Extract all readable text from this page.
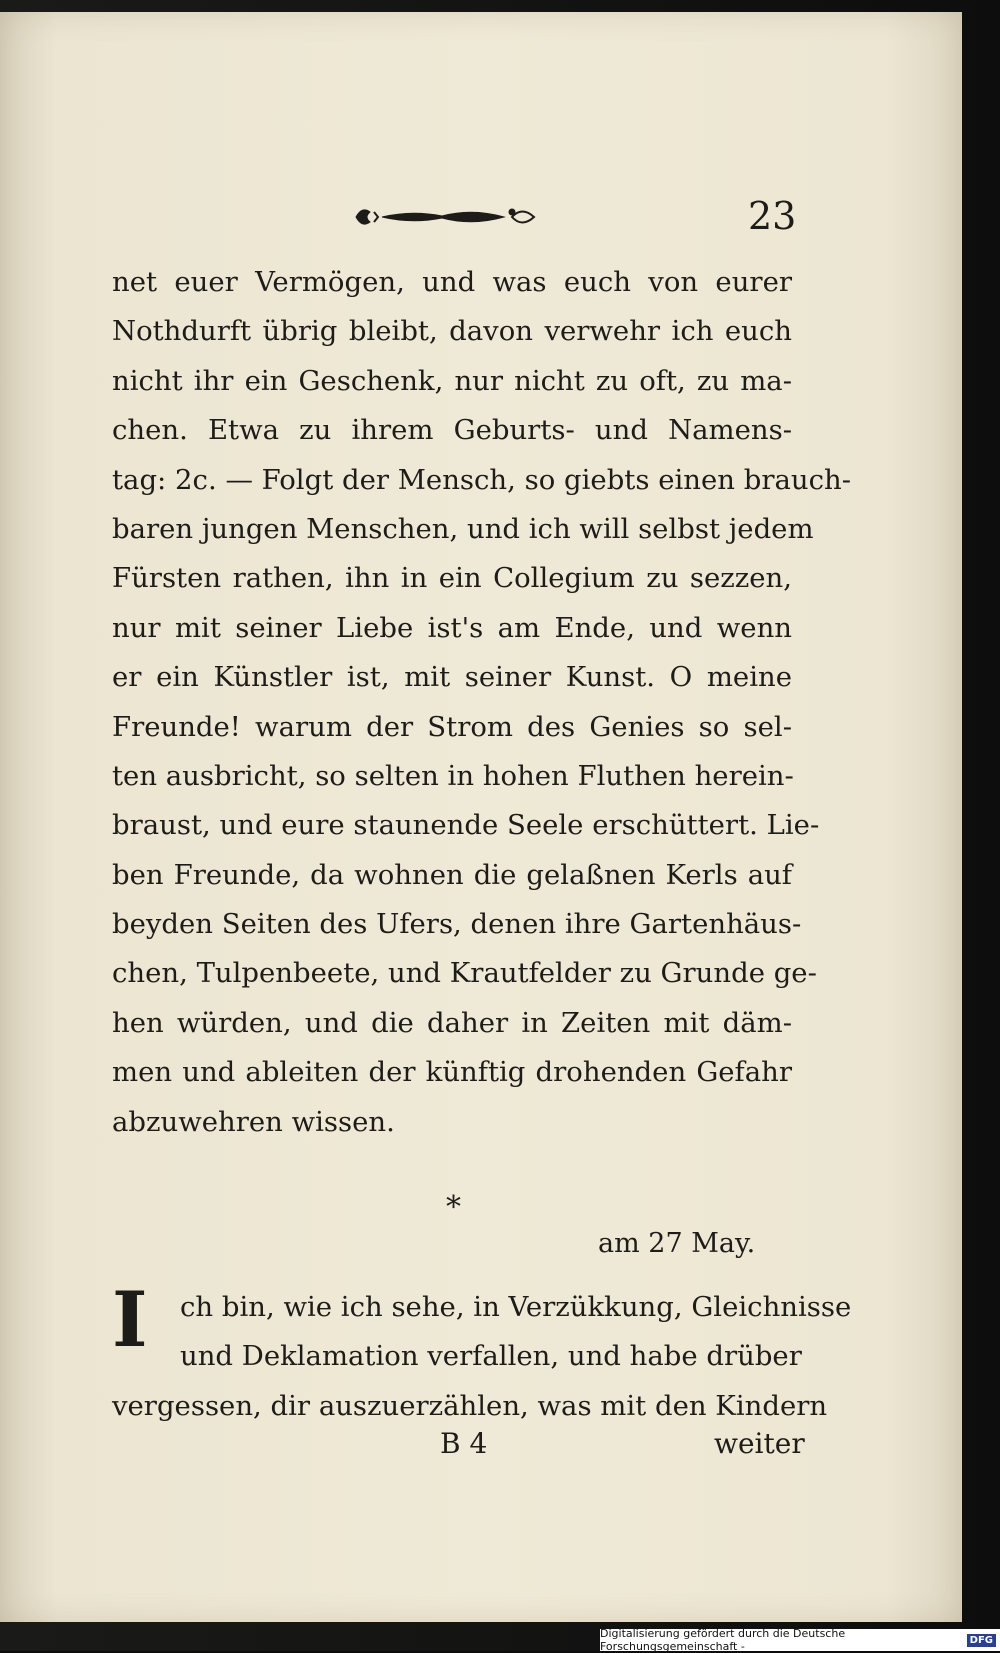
23
net euer Vermögen, und was euch von eurer
Nothdurft übrig bleibt, davon verwehr ich euch
nicht ihr ein Geschenk, nur nicht zu oft, zu ma-
chen. Etwa zu ihrem Geburts- und Namens-
tag: 2c. — Folgt der Mensch, so giebts einen brauch-
baren jungen Menschen, und ich will selbst jedem
Fürsten rathen, ihn in ein Collegium zu sezzen,
nur mit seiner Liebe ist's am Ende, und wenn
er ein Künstler ist, mit seiner Kunst. O meine
Freunde! warum der Strom des Genies so sel-
ten ausbricht, so selten in hohen Fluthen herein-
braust, und eure staunende Seele erschüttert. Lie-
ben Freunde, da wohnen die gelaßnen Kerls auf
beyden Seiten des Ufers, denen ihre Gartenhäus-
chen, Tulpenbeete, und Krautfelder zu Grunde ge-
hen würden, und die daher in Zeiten mit däm-
men und ableiten der künftig drohenden Gefahr
abzuwehren wissen.
*
am 27 May.
I	ch bin, wie ich sehe, in Verzükkung, Gleichnisse
und Deklamation verfallen, und habe drüber
vergessen, dir auszuerzählen, was mit den Kindern
B 4	weiter
Digitalisierung gefördert durch die Deutsche Forschungsgemeinschaft -	DFG
